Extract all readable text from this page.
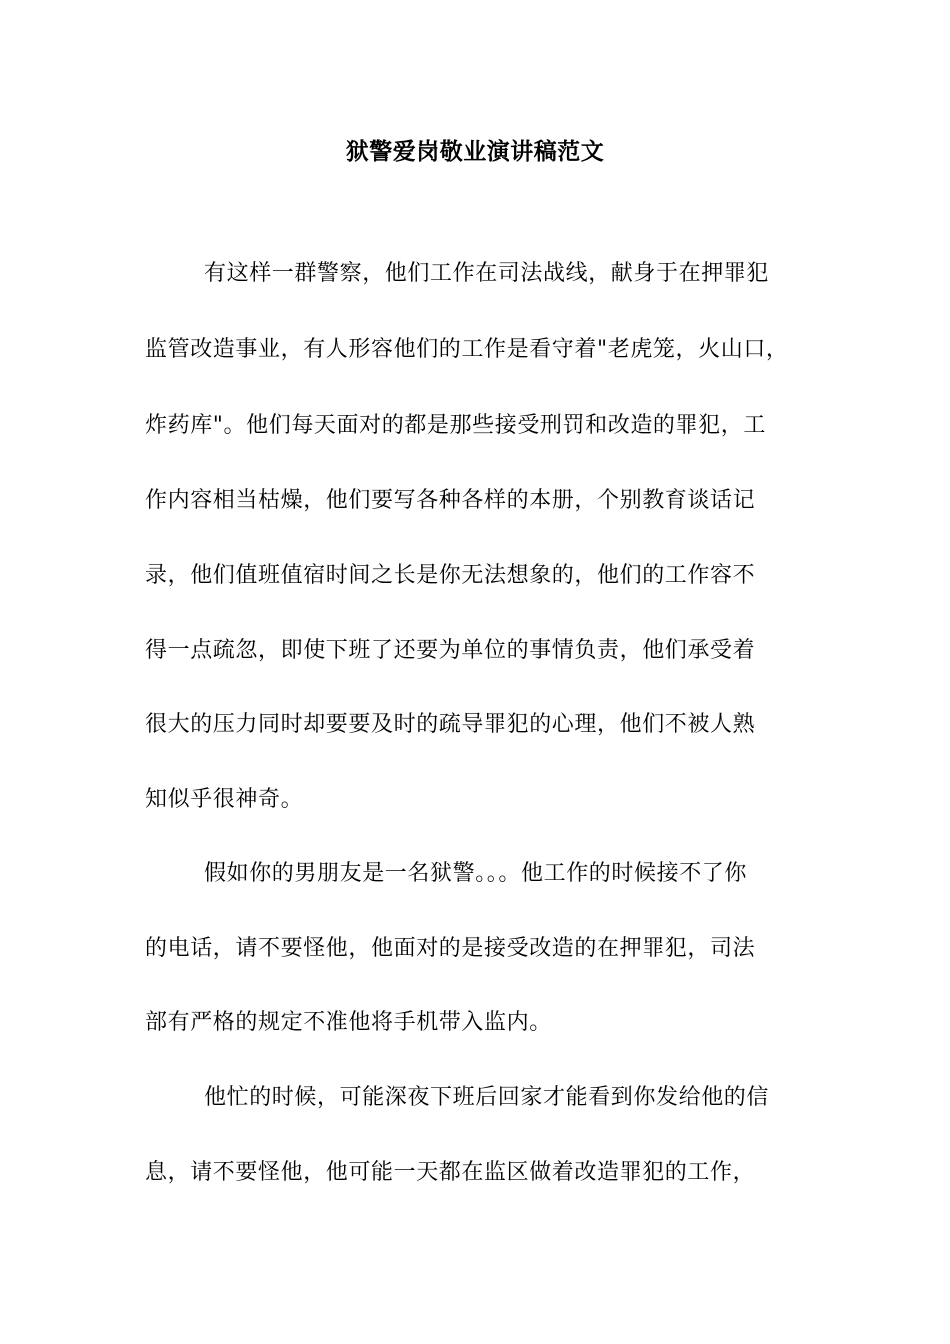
狱警爱岗敬业演讲稿范文
有这样一群警察，他们工作在司法战线，献身于在押罪犯
监管改造事业，有人形容他们的工作是看守着"老虎笼，火山口，
炸药库"。他们每天面对的都是那些接受刑罚和改造的罪犯，工
作内容相当枯燥，他们要写各种各样的本册，个别教育谈话记
录，他们值班值宿时间之长是你无法想象的，他们的工作容不
得一点疏忽，即使下班了还要为单位的事情负责，他们承受着
很大的压力同时却要要及时的疏导罪犯的心理，他们不被人熟
知似乎很神奇。
假如你的男朋友是一名狱警。。。他工作的时候接不了你
的电话，请不要怪他，他面对的是接受改造的在押罪犯，司法
部有严格的规定不准他将手机带入监内。
他忙的时候，可能深夜下班后回家才能看到你发给他的信
息，请不要怪他，他可能一天都在监区做着改造罪犯的工作，
